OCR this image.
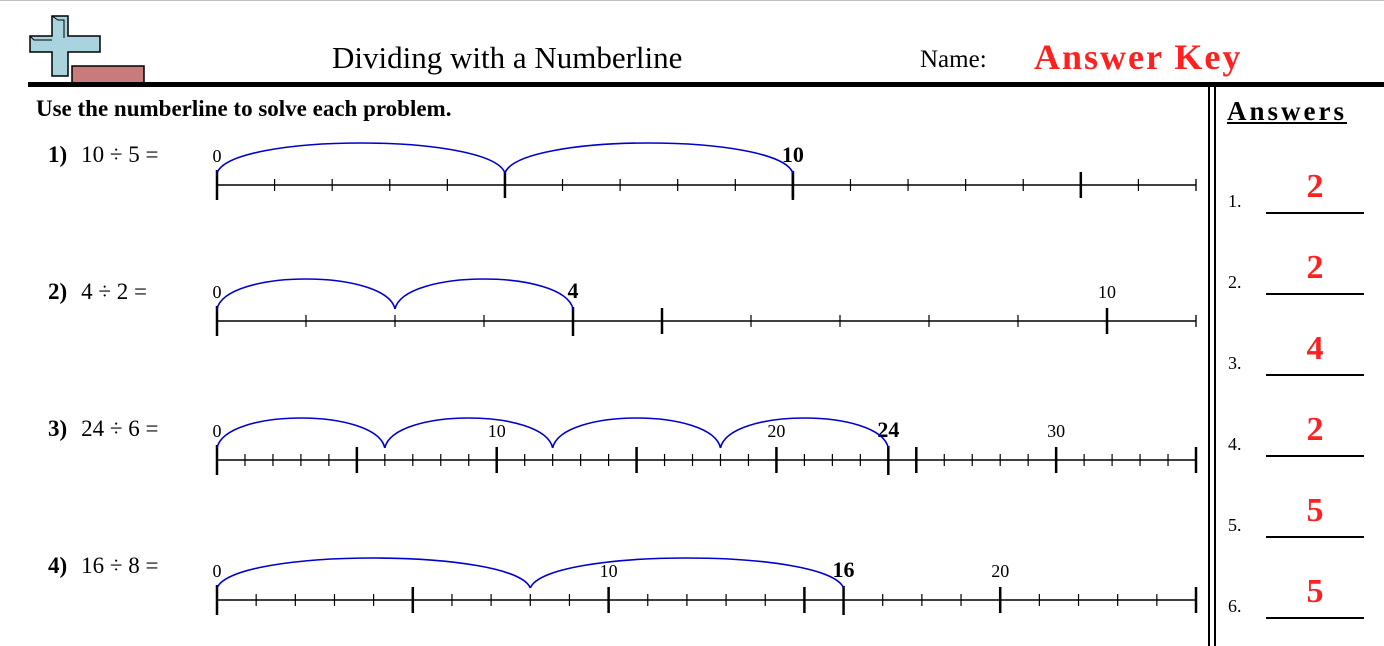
Dividing with a Numberline	Name: Answer Key
Use the numberline to solve each problem.
1) 10 ÷ 5 =	0	10
2) 4 ÷ 2 =	0	4	10
3) 24 ÷ 6 =	0	10	20	24	30
4) 16 ÷ 8 =	0	10	16	20
Answers
1.	2
2.	2
3.	4
4.	2
5.	5
6.	5
